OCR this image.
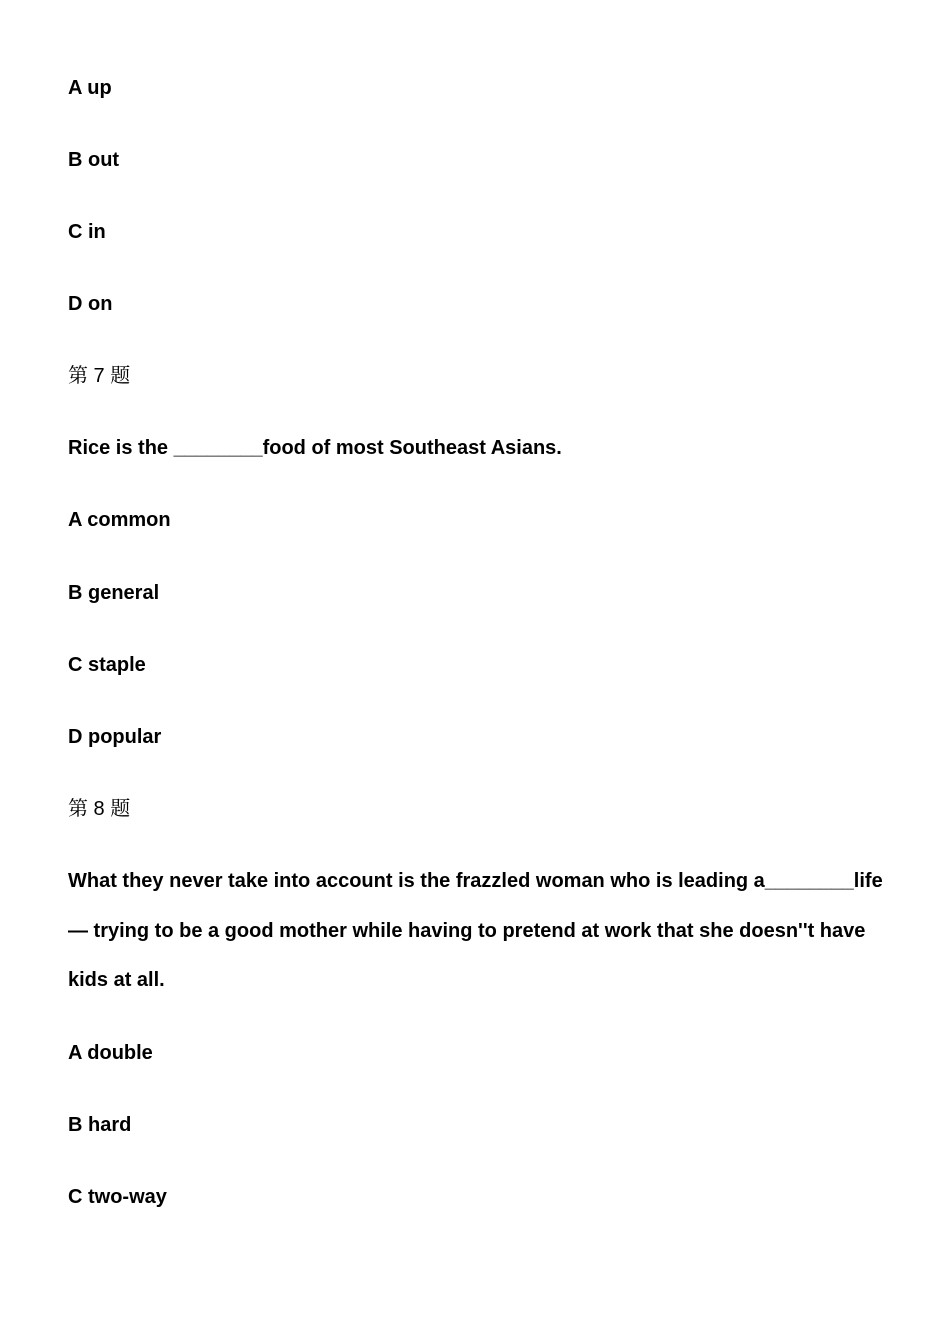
A up
B out
C in
D on
第 7 题
Rice is the ________food of most Southeast Asians.
A common
B general
C staple
D popular
第 8 题
What they never take into account is the frazzled woman who is leading a________life — trying to be a good mother while having to pretend at work that she doesn''t have kids at all.
A double
B hard
C two-way
